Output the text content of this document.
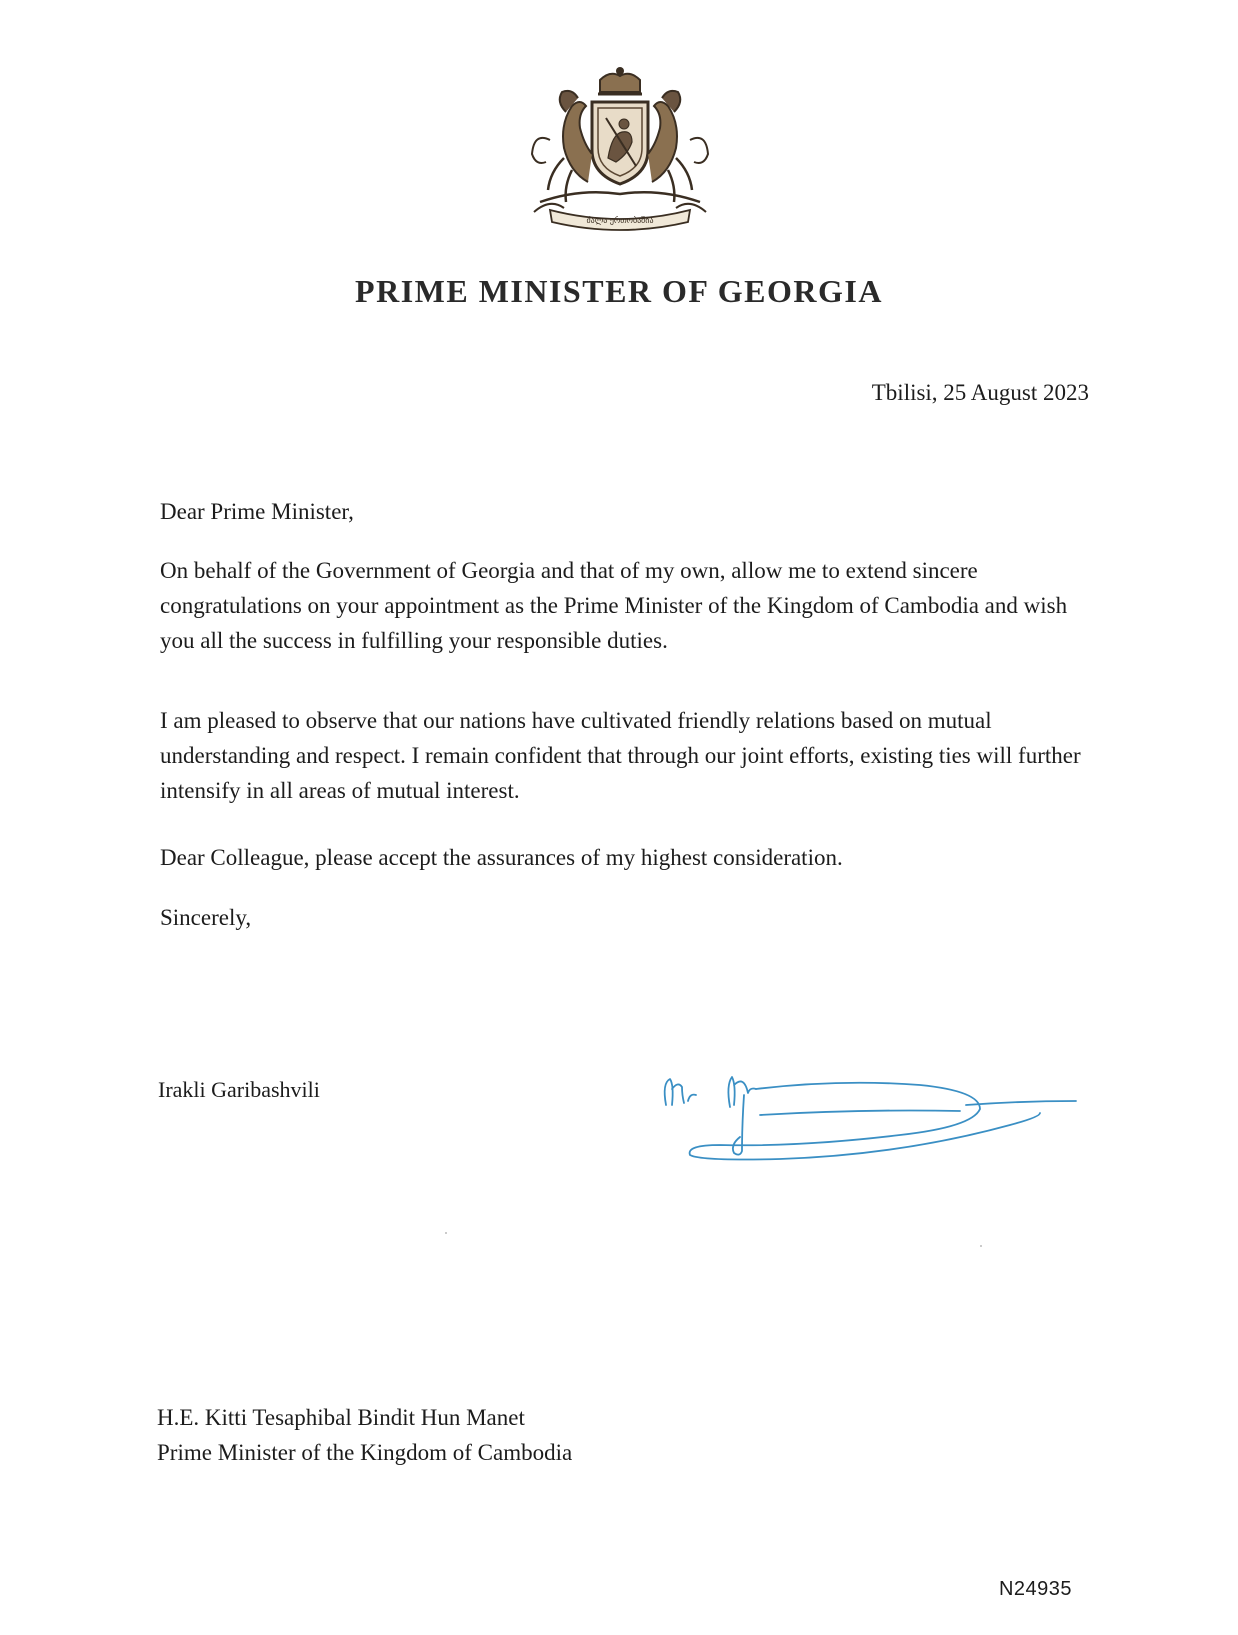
ძალა ერთობაშია
PRIME MINISTER OF GEORGIA
Tbilisi, 25 August 2023
Dear Prime Minister,
On behalf of the Government of Georgia and that of my own, allow me to extend sincere congratulations on your appointment as the Prime Minister of the Kingdom of Cambodia and wish you all the success in fulfilling your responsible duties.
I am pleased to observe that our nations have cultivated friendly relations based on mutual understanding and respect. I remain confident that through our joint efforts, existing ties will further intensify in all areas of mutual interest.
Dear Colleague, please accept the assurances of my highest consideration.
Sincerely,
Irakli Garibashvili
H.E. Kitti Tesaphibal Bindit Hun Manet
Prime Minister of the Kingdom of Cambodia
N24935
